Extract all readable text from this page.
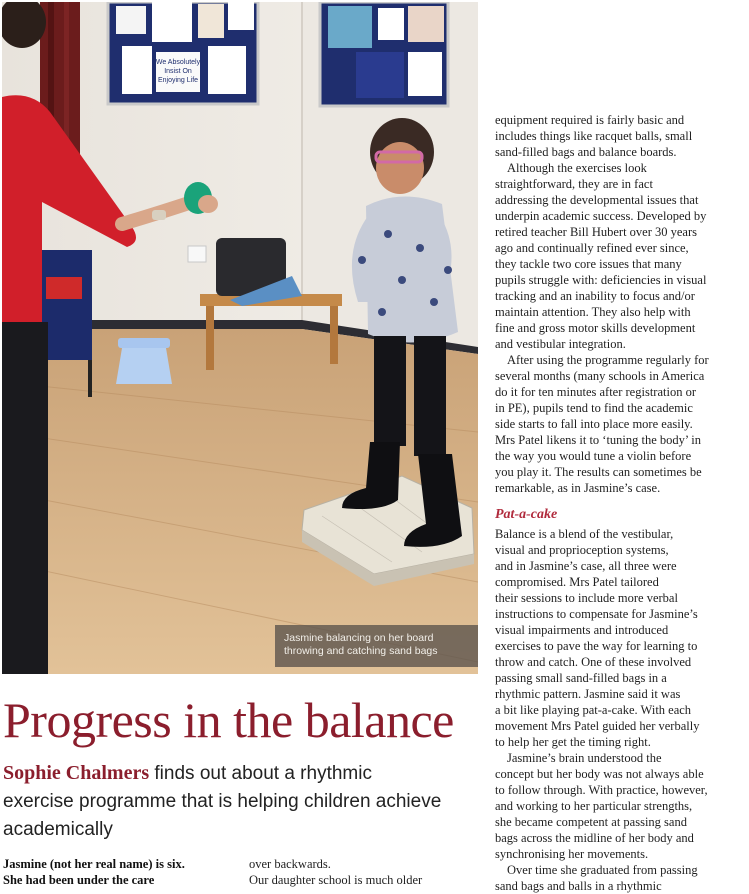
We Absolutely
Insist On
Enjoying Life
Jasmine balancing on her board
throwing and catching sand bags
Progress in the balance
Sophie Chalmers finds out about a rhythmic
exercise programme that is helping children achieve
academically
Jasmine (not her real name) is six.
She had been under the care
over backwards.
Our daughter school is much older
equipment required is fairly basic and
includes things like racquet balls, small
sand-filled bags and balance boards.
Although the exercises look
straightforward, they are in fact
addressing the developmental issues that
underpin academic success. Developed by
retired teacher Bill Hubert over 30 years
ago and continually refined ever since,
they tackle two core issues that many
pupils struggle with: deficiencies in visual
tracking and an inability to focus and/or
maintain attention. They also help with
fine and gross motor skills development
and vestibular integration.
After using the programme regularly for
several months (many schools in America
do it for ten minutes after registration or
in PE), pupils tend to find the academic
side starts to fall into place more easily.
Mrs Patel likens it to ‘tuning the body’ in
the way you would tune a violin before
you play it. The results can sometimes be
remarkable, as in Jasmine’s case.
Pat-a-cake
Balance is a blend of the vestibular,
visual and proprioception systems,
and in Jasmine’s case, all three were
compromised. Mrs Patel tailored
their sessions to include more verbal
instructions to compensate for Jasmine’s
visual impairments and introduced
exercises to pave the way for learning to
throw and catch. One of these involved
passing small sand-filled bags in a
rhythmic pattern. Jasmine said it was
a bit like playing pat-a-cake. With each
movement Mrs Patel guided her verbally
to help her get the timing right.
Jasmine’s brain understood the
concept but her body was not always able
to follow through. With practice, however,
and working to her particular strengths,
she became competent at passing sand
bags across the midline of her body and
synchronising her movements.
Over time she graduated from passing
sand bags and balls in a rhythmic
